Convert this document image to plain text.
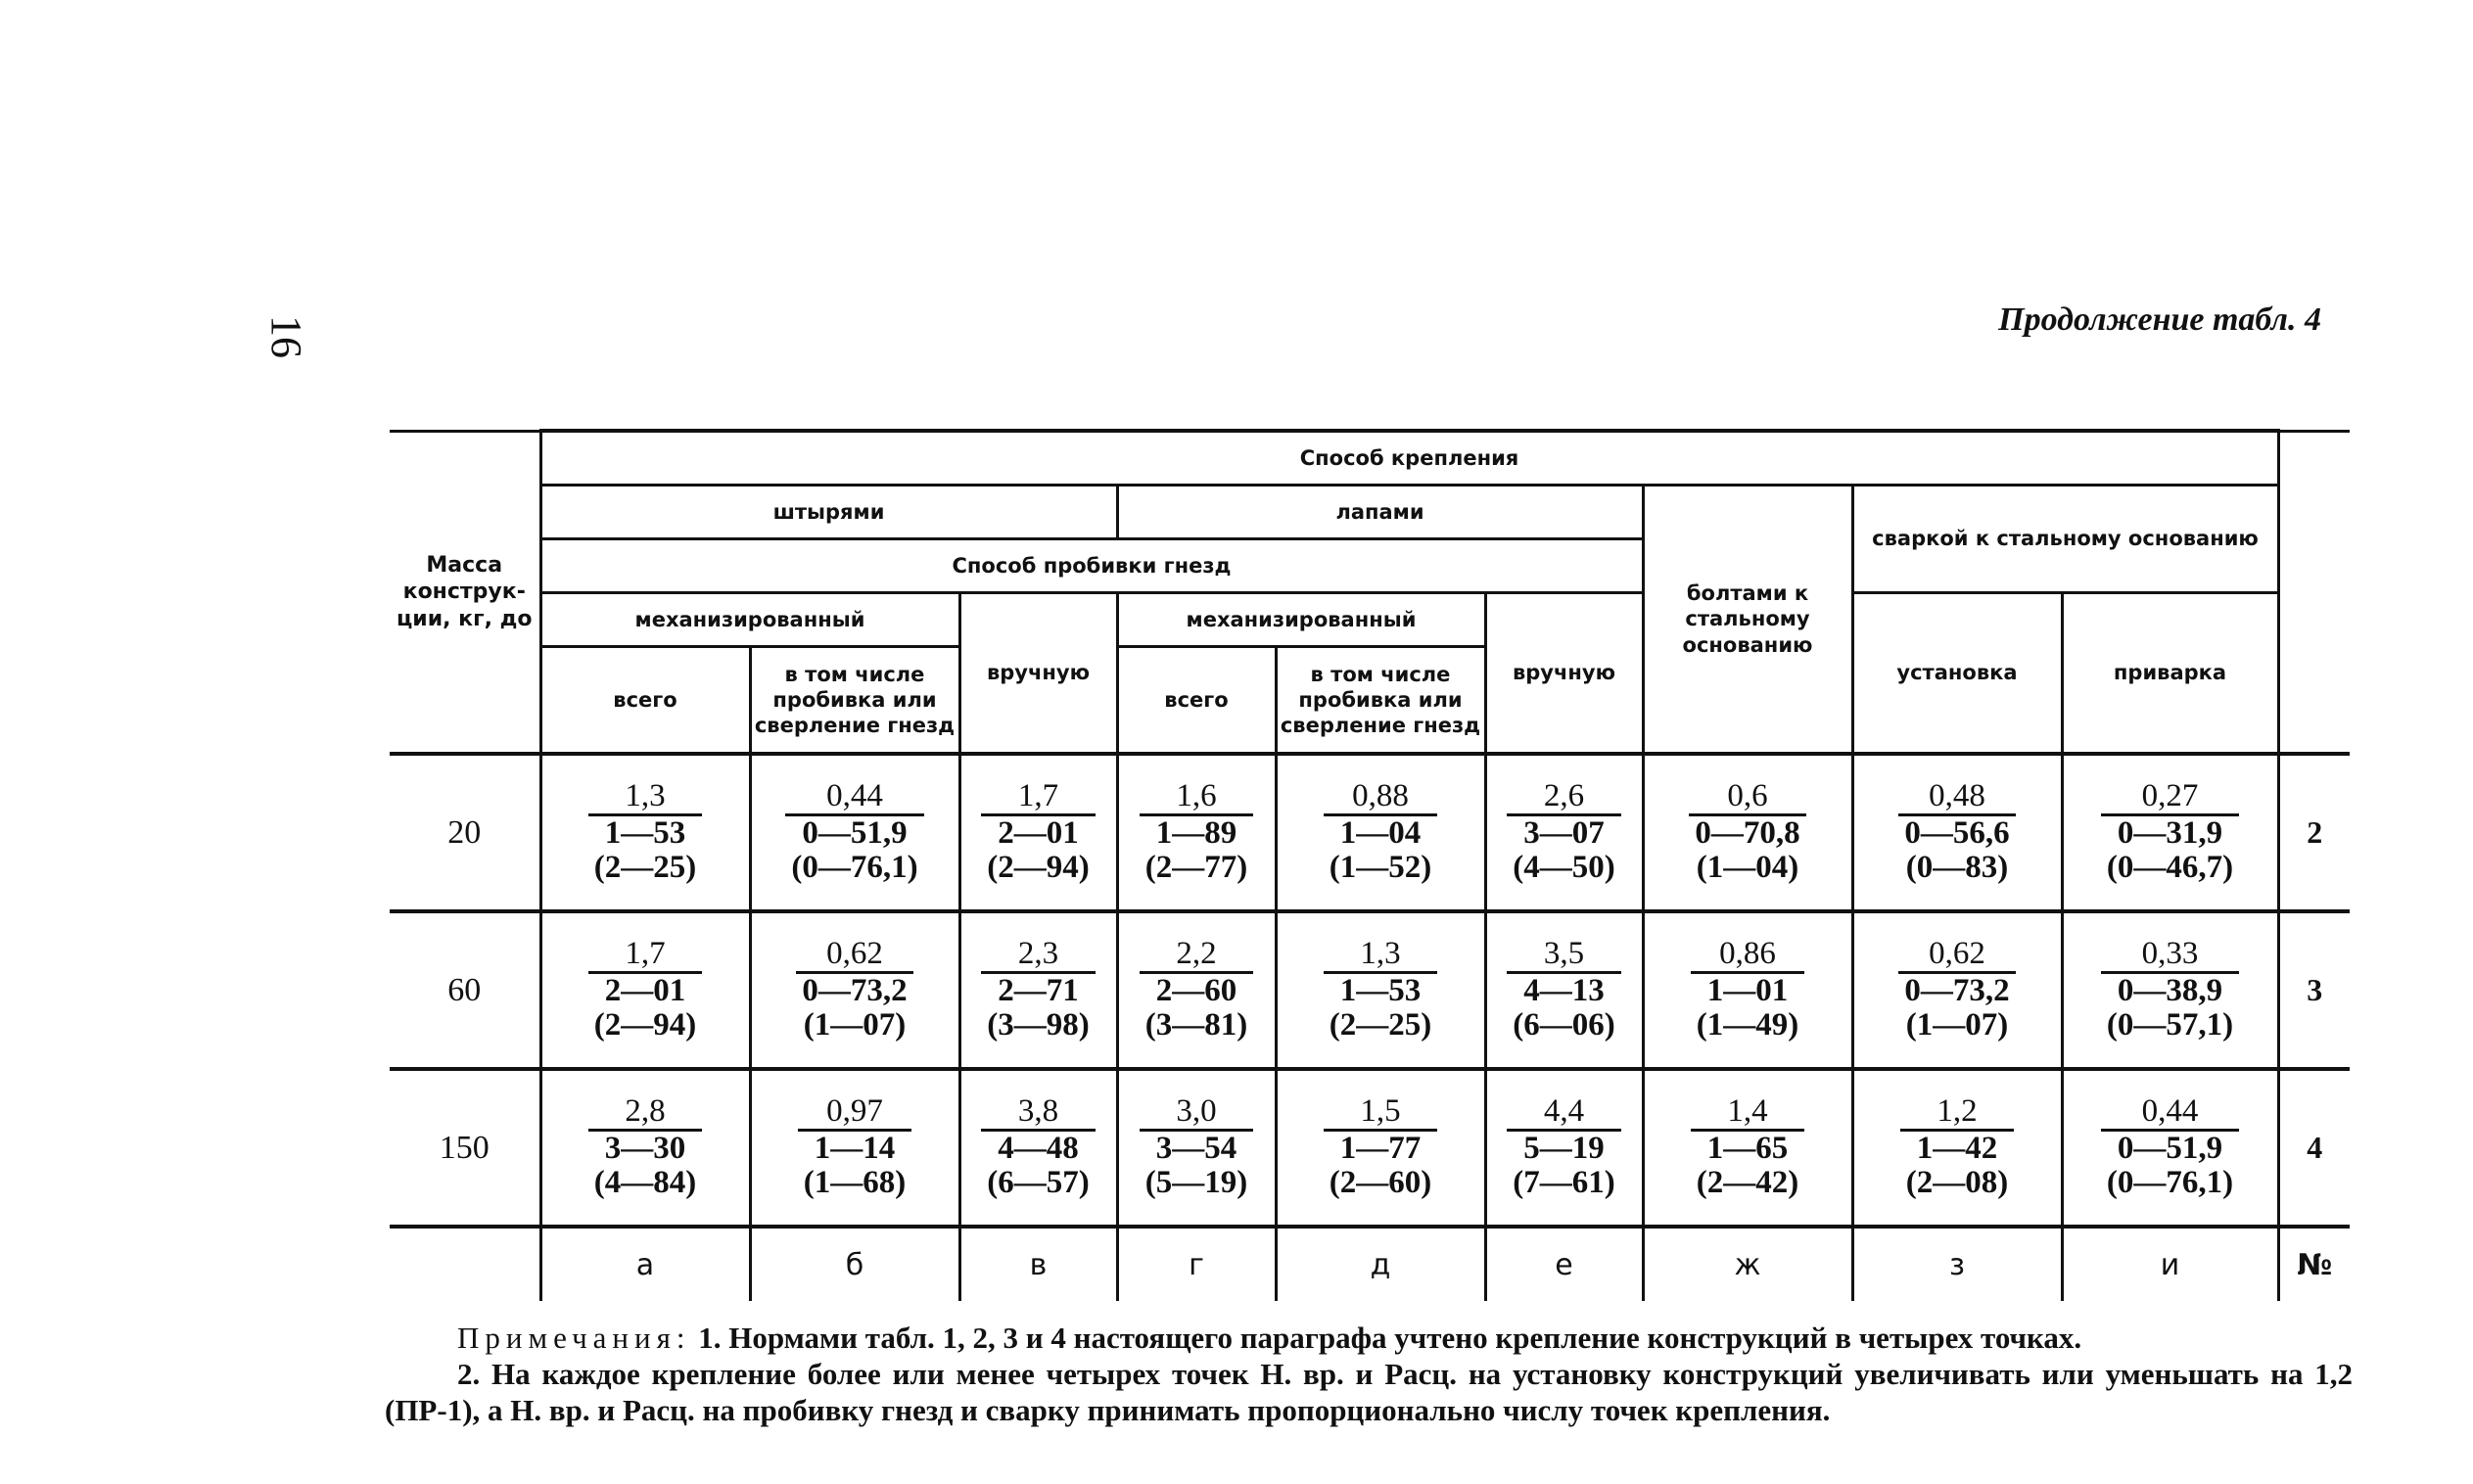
16	Продолжение табл. 4
Масса конструк-ции, кг, до	Способ крепления									
	штырями			лапами			болтами к стальному основанию	сваркой к стальному основанию		
	Способ пробивки гнезд									
	механизированный		вручную	механизированный		вручную		установка	приварка	
	всего	в том числе пробивка или сверление гнезд		всего	в том числе пробивка или сверление гнезд					
20	1,3
1—53
(2—25)	0,44
0—51,9
(0—76,1)	1,7
2—01
(2—94)	1,6
1—89
(2—77)	0,88
1—04
(1—52)	2,6
3—07
(4—50)	0,6
0—70,8
(1—04)	0,48
0—56,6
(0—83)	0,27
0—31,9
(0—46,7)	2
60	1,7
2—01
(2—94)	0,62
0—73,2
(1—07)	2,3
2—71
(3—98)	2,2
2—60
(3—81)	1,3
1—53
(2—25)	3,5
4—13
(6—06)	0,86
1—01
(1—49)	0,62
0—73,2
(1—07)	0,33
0—38,9
(0—57,1)	3
150	2,8
3—30
(4—84)	0,97
1—14
(1—68)	3,8
4—48
(6—57)	3,0
3—54
(5—19)	1,5
1—77
(2—60)	4,4
5—19
(7—61)	1,4
1—65
(2—42)	1,2
1—42
(2—08)	0,44
0—51,9
(0—76,1)	4
	а	б	в	г	д	е	ж	з	и	№

Примечания: 1. Нормами табл. 1, 2, 3 и 4 настоящего параграфа учтено крепление конструкций в четырех точках.

2. На каждое крепление более или менее четырех точек Н. вр. и Расц. на установку конструкций увеличивать или уменьшать на 1,2 (ПР-1), а Н. вр. и Расц. на пробивку гнезд и сварку принимать пропорционально числу точек крепления.
